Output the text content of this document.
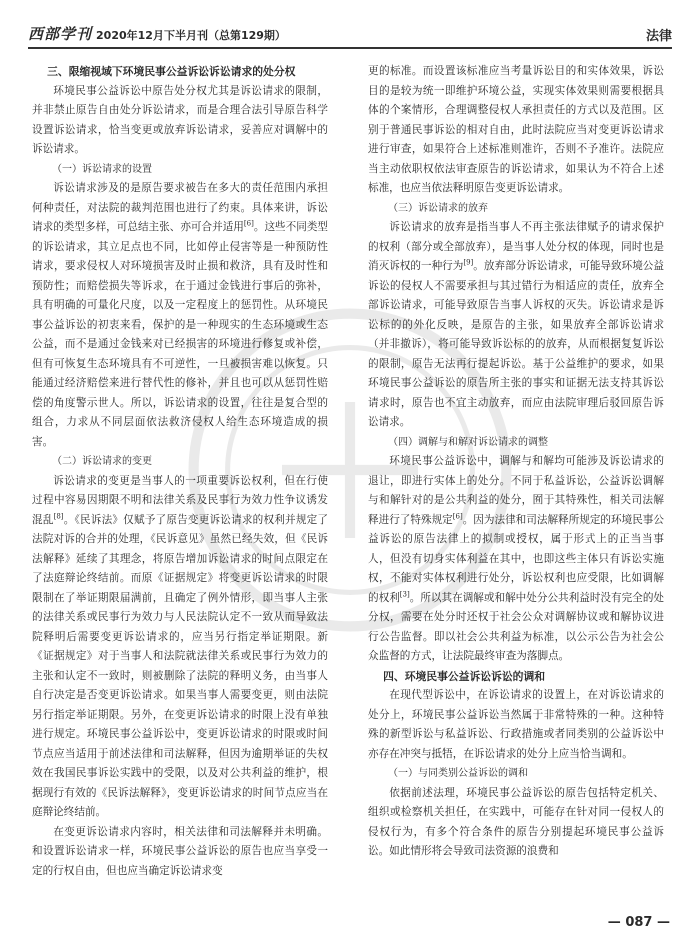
西部学刊 2020年12月下半月刊（总第129期）	法律

三、限缩视域下环境民事公益诉讼诉讼请求的处分权

环境民事公益诉讼中原告处分权尤其是诉讼请求的限制，并非禁止原告自由处分诉讼请求，而是合理合法引导原告科学设置诉讼请求，恰当变更或放弃诉讼请求，妥善应对调解中的诉讼请求。

（一）诉讼请求的设置

诉讼请求涉及的是原告要求被告在多大的责任范围内承担何种责任，对法院的裁判范围也进行了约束。具体来讲，诉讼请求的类型多样，可总结主张、亦可合并适用[6]。这些不同类型的诉讼请求，其立足点也不同，比如停止侵害等是一种预防性请求，要求侵权人对环境损害及时止损和救济，具有及时性和预防性；而赔偿损失等诉求，在于通过金钱进行事后的弥补，具有明确的可量化尺度，以及一定程度上的惩罚性。从环境民事公益诉讼的初衷来看，保护的是一种现实的生态环境或生态公益，而不是通过金钱来对已经损害的环境进行修复或补偿，但有可恢复生态环境具有不可逆性，一旦被损害难以恢复。只能通过经济赔偿来进行替代性的修补，并且也可以从惩罚性赔偿的角度警示世人。所以，诉讼请求的设置，往往是复合型的组合，力求从不同层面依法救济侵权人给生态环境造成的损害。

（二）诉讼请求的变更

诉讼请求的变更是当事人的一项重要诉讼权利，但在行使过程中容易因期限不明和法律关系及民事行为效力性争议诱发混乱[8]。《民诉法》仅赋予了原告变更诉讼请求的权利并规定了法院对诉的合并的处理，《民诉意见》虽然已经失效，但《民诉法解释》延续了其理念，将原告增加诉讼请求的时间点限定在了法庭辩论终结前。而原《证据规定》将变更诉讼请求的时限限制在了举证期限届满前，且确定了例外情形，即当事人主张的法律关系或民事行为效力与人民法院认定不一致从而导致法院释明后需要变更诉讼请求的，应当另行指定举证期限。新《证据规定》对于当事人和法院就法律关系或民事行为效力的主张和认定不一致时，则被删除了法院的释明义务，由当事人自行决定是否变更诉讼请求。如果当事人需要变更，则由法院另行指定举证期限。另外，在变更诉讼请求的时限上没有单独进行规定。环境民事公益诉讼中，变更诉讼请求的时限或时间节点应当适用于前述法律和司法解释，但因为逾期举证的失权效在我国民事诉讼实践中的受限，以及对公共利益的维护，根据现行有效的《民诉法解释》，变更诉讼请求的时间节点应当在庭辩论终结前。

在变更诉讼请求内容时，相关法律和司法解释并未明确。和设置诉讼请求一样，环境民事公益诉讼的原告也应当享受一定的行权自由，但也应当确定诉讼请求变

更的标准。而设置该标准应当考量诉讼目的和实体效果，诉讼目的是较为统一即维护环境公益，实现实体效果则需要根据具体的个案情形，合理调整侵权人承担责任的方式以及范围。区别于普通民事诉讼的相对自由，此时法院应当对变更诉讼请求进行审查，如果符合上述标准则准许，否则不予准许。法院应当主动依职权依法审查原告的诉讼请求，如果认为不符合上述标准，也应当依法释明原告变更诉讼请求。

（三）诉讼请求的放弃

诉讼请求的放弃是指当事人不再主张法律赋予的请求保护的权利（部分或全部放弃），是当事人处分权的体现，同时也是消灭诉权的一种行为[9]。放弃部分诉讼请求，可能导致环境公益诉讼的侵权人不需要承担与其过错行为相适应的责任，放弃全部诉讼请求，可能导致原告当事人诉权的灭失。诉讼请求是诉讼标的的外化反映，是原告的主张，如果放弃全部诉讼请求（并非撤诉），将可能导致诉讼标的的放弃，从而根据复复诉讼的限制，原告无法再行提起诉讼。基于公益维护的要求，如果环境民事公益诉讼的原告所主张的事实和证据无法支持其诉讼请求时，原告也不宜主动放弃，而应由法院审理后驳回原告诉讼请求。

（四）调解与和解对诉讼请求的调整

环境民事公益诉讼中，调解与和解均可能涉及诉讼请求的退让，即进行实体上的处分。不同于私益诉讼，公益诉讼调解与和解针对的是公共利益的处分，囿于其特殊性，相关司法解释进行了特殊规定[6]。因为法律和司法解释所规定的环境民事公益诉讼的原告法律上的拟制或授权，属于形式上的正当当事人，但没有切身实体利益在其中，也即这些主体只有诉讼实施权，不能对实体权利进行处分，诉讼权利也应受限，比如调解的权利[3]。所以其在调解或和解中处分公共利益时没有完全的处分权，需要在处分时还权于社会公众对调解协议或和解协议进行公告监督。即以社会公共利益为标准，以公示公告为社会公众监督的方式，让法院最终审查为落脚点。

四、环境民事公益诉讼诉讼的调和

在现代型诉讼中，在诉讼请求的设置上，在对诉讼请求的处分上，环境民事公益诉讼当然属于非常特殊的一种。这种特殊的新型诉讼与私益诉讼、行政措施或者同类别的公益诉讼中亦存在冲突与抵牾，在诉讼请求的处分上应当恰当调和。

（一）与同类别公益诉讼的调和

依据前述法理，环境民事公益诉讼的原告包括特定机关、组织或检察机关担任，在实践中，可能存在针对同一侵权人的侵权行为，有多个符合条件的原告分别提起环境民事公益诉讼。如此情形将会导致司法资源的浪费和

— 087 —
